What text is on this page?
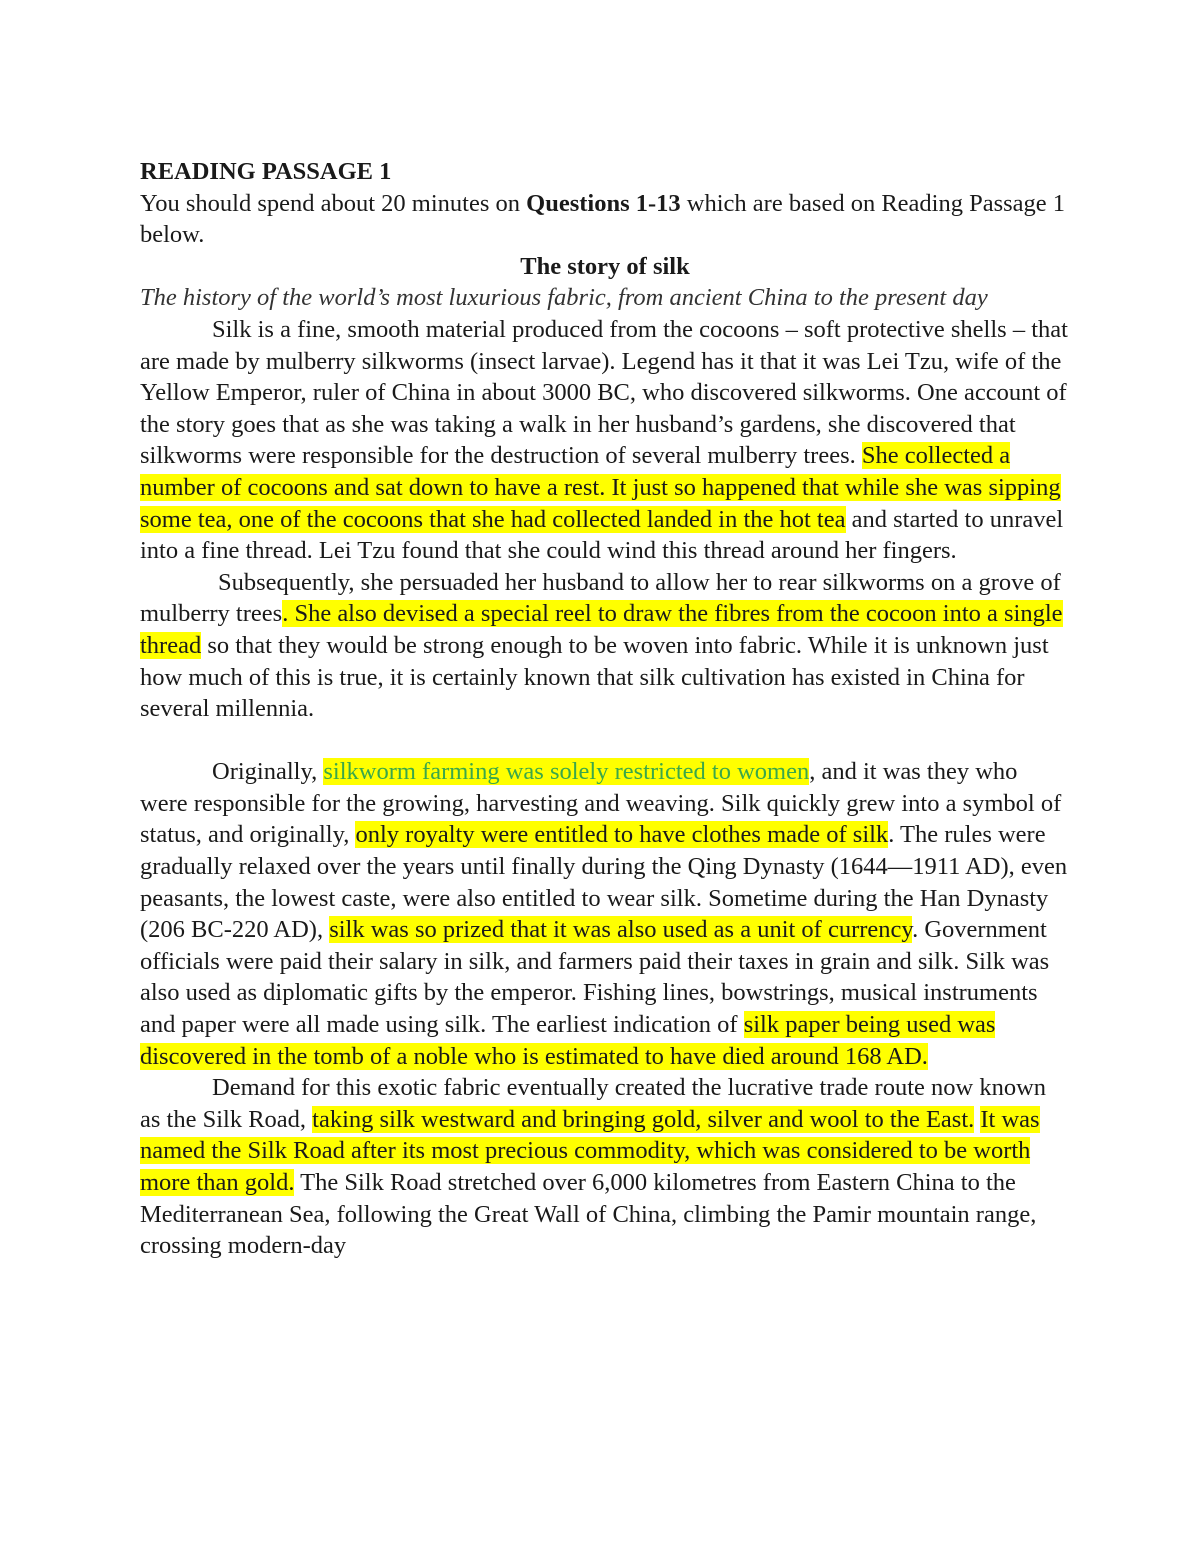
READING PASSAGE 1

You should spend about 20 minutes on Questions 1-13 which are based on Reading Passage 1 below.

The story of silk

The history of the world’s most luxurious fabric, from ancient China to the present day

Silk is a fine, smooth material produced from the cocoons – soft protective shells – that are made by mulberry silkworms (insect larvae). Legend has it that it was Lei Tzu, wife of the Yellow Emperor, ruler of China in about 3000 BC, who discovered silkworms. One account of the story goes that as she was taking a walk in her husband’s gardens, she discovered that silkworms were responsible for the destruction of several mulberry trees. She collected a number of cocoons and sat down to have a rest. It just so happened that while she was sipping some tea, one of the cocoons that she had collected landed in the hot tea and started to unravel into a fine thread. Lei Tzu found that she could wind this thread around her fingers.

Subsequently, she persuaded her husband to allow her to rear silkworms on a grove of mulberry trees. She also devised a special reel to draw the fibres from the cocoon into a single thread so that they would be strong enough to be woven into fabric. While it is unknown just how much of this is true, it is certainly known that silk cultivation has existed in China for several millennia.

Originally, silkworm farming was solely restricted to women, and it was they who were responsible for the growing, harvesting and weaving. Silk quickly grew into a symbol of status, and originally, only royalty were entitled to have clothes made of silk. The rules were gradually relaxed over the years until finally during the Qing Dynasty (1644—1911 AD), even peasants, the lowest caste, were also entitled to wear silk. Sometime during the Han Dynasty (206 BC-220 AD), silk was so prized that it was also used as a unit of currency. Government officials were paid their salary in silk, and farmers paid their taxes in grain and silk. Silk was also used as diplomatic gifts by the emperor. Fishing lines, bowstrings, musical instruments and paper were all made using silk. The earliest indication of silk paper being used was discovered in the tomb of a noble who is estimated to have died around 168 AD.

Demand for this exotic fabric eventually created the lucrative trade route now known as the Silk Road, taking silk westward and bringing gold, silver and wool to the East. It was named the Silk Road after its most precious commodity, which was considered to be worth more than gold. The Silk Road stretched over 6,000 kilometres from Eastern China to the Mediterranean Sea, following the Great Wall of China, climbing the Pamir mountain range, crossing modern-day
